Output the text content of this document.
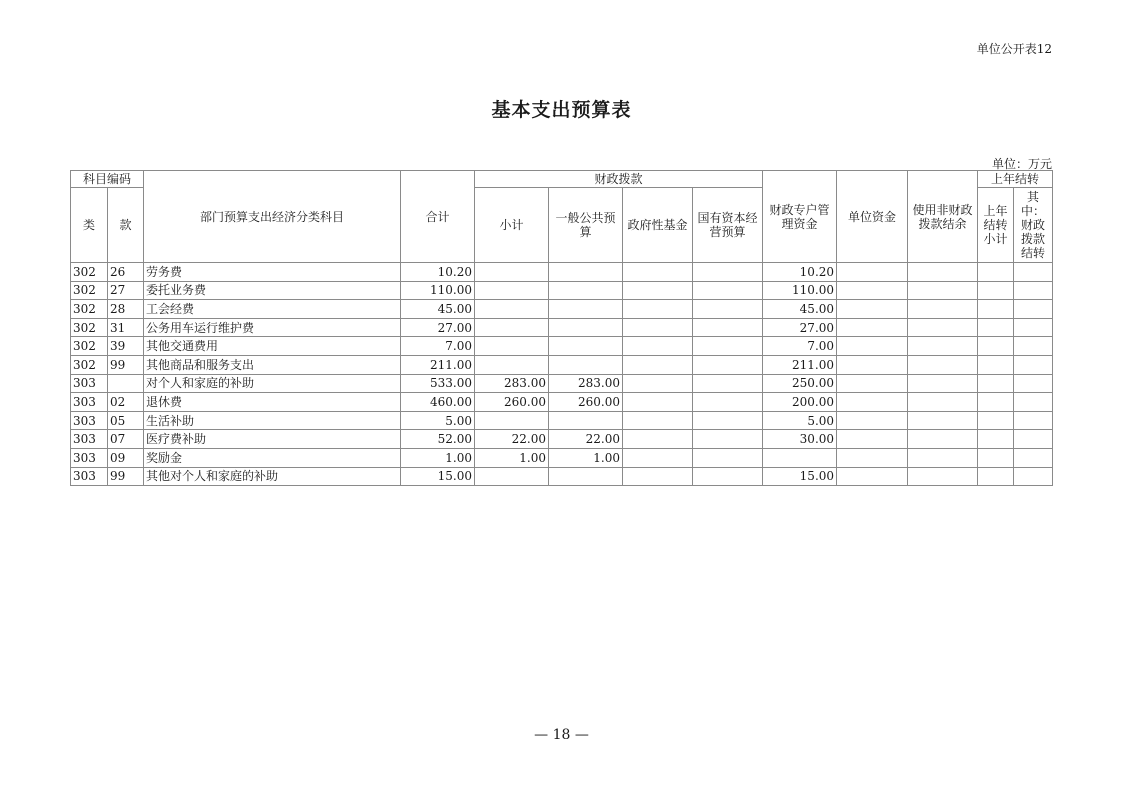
单位公开表12
基本支出预算表
单位：万元
科目编码		部门预算支出经济分类科目	合计	财政拨款				财政专户管理资金	单位资金	使用非财政拨款结余	上年结转	
类	款			小计	一般公共预算	政府性基金	国有资本经营预算				上年结转小计	其中：财政拨款结转
302	26	劳务费	10.20					10.20				
302	27	委托业务费	110.00					110.00				
302	28	工会经费	45.00					45.00				
302	31	公务用车运行维护费	27.00					27.00				
302	39	其他交通费用	7.00					7.00				
302	99	其他商品和服务支出	211.00					211.00				
303		对个人和家庭的补助	533.00	283.00	283.00			250.00				
303	02	退休费	460.00	260.00	260.00			200.00				
303	05	生活补助	5.00					5.00				
303	07	医疗费补助	52.00	22.00	22.00			30.00				
303	09	奖励金	1.00	1.00	1.00							
303	99	其他对个人和家庭的补助	15.00					15.00				
— 18 —
